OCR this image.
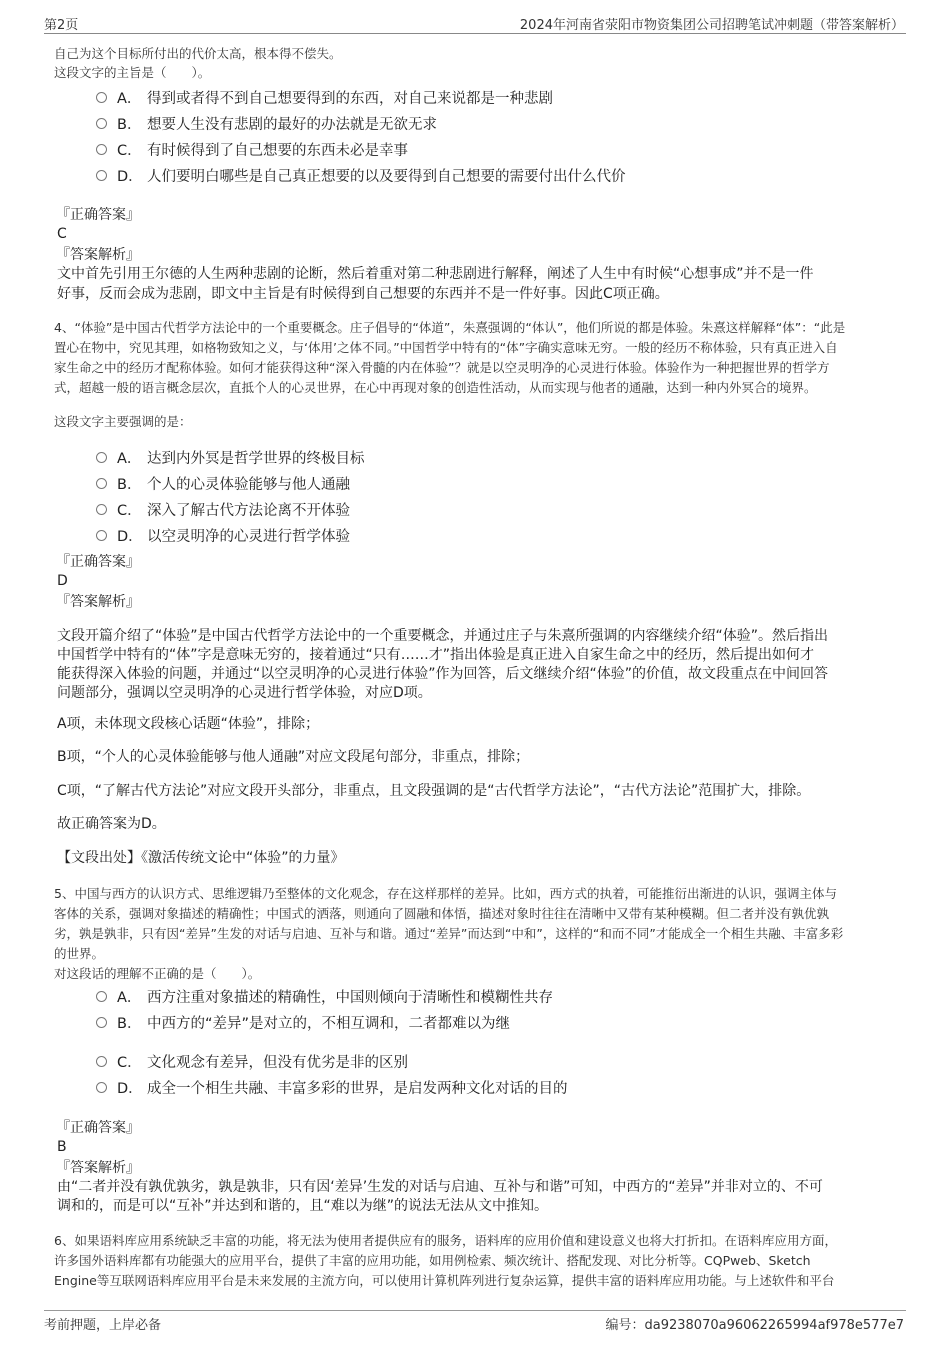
第2页	2024年河南省荥阳市物资集团公司招聘笔试冲刺题（带答案解析）
自己为这个目标所付出的代价太高，根本得不偿失。
这段文字的主旨是（　　）。
A． 得到或者得不到自己想要得到的东西，对自己来说都是一种悲剧
B． 想要人生没有悲剧的最好的办法就是无欲无求
C． 有时候得到了自己想要的东西未必是幸事
D． 人们要明白哪些是自己真正想要的以及要得到自己想要的需要付出什么代价
『正确答案』
C
『答案解析』
文中首先引用王尔德的人生两种悲剧的论断，然后着重对第二种悲剧进行解释，阐述了人生中有时候“心想事成”并不是一件
好事，反而会成为悲剧，即文中主旨是有时候得到自己想要的东西并不是一件好事。因此C项正确。
4、“体验”是中国古代哲学方法论中的一个重要概念。庄子倡导的“体道”，朱熹强调的“体认”，他们所说的都是体验。朱熹这样解释“体”：“此是
置心在物中，究见其理，如格物致知之义，与‘体用’之体不同。”中国哲学中特有的“体”字确实意味无穷。一般的经历不称体验，只有真正进入自
家生命之中的经历才配称体验。如何才能获得这种“深入骨髓的内在体验”？就是以空灵明净的心灵进行体验。体验作为一种把握世界的哲学方
式，超越一般的语言概念层次，直抵个人的心灵世界，在心中再现对象的创造性活动，从而实现与他者的通融，达到一种内外冥合的境界。
这段文字主要强调的是：
A． 达到内外冥是哲学世界的终极目标
B． 个人的心灵体验能够与他人通融
C． 深入了解古代方法论离不开体验
D． 以空灵明净的心灵进行哲学体验
『正确答案』
D
『答案解析』
文段开篇介绍了“体验”是中国古代哲学方法论中的一个重要概念，并通过庄子与朱熹所强调的内容继续介绍“体验”。然后指出
中国哲学中特有的“体”字是意味无穷的，接着通过“只有……才”指出体验是真正进入自家生命之中的经历，然后提出如何才
能获得深入体验的问题，并通过“以空灵明净的心灵进行体验”作为回答，后文继续介绍“体验”的价值，故文段重点在中间回答
问题部分，强调以空灵明净的心灵进行哲学体验，对应D项。
A项，未体现文段核心话题“体验”，排除；
B项，“个人的心灵体验能够与他人通融”对应文段尾句部分，非重点，排除；
C项，“了解古代方法论”对应文段开头部分，非重点，且文段强调的是“古代哲学方法论”，“古代方法论”范围扩大，排除。
故正确答案为D。
【文段出处】《激活传统文论中“体验”的力量》
5、中国与西方的认识方式、思维逻辑乃至整体的文化观念，存在这样那样的差异。比如，西方式的执着，可能推衍出渐进的认识，强调主体与
客体的关系，强调对象描述的精确性；中国式的洒落，则通向了圆融和体悟，描述对象时往往在清晰中又带有某种模糊。但二者并没有孰优孰
劣，孰是孰非，只有因“差异”生发的对话与启迪、互补与和谐。通过“差异”而达到“中和”，这样的“和而不同”才能成全一个相生共融、丰富多彩
的世界。
对这段话的理解不正确的是（　　）。
A． 西方注重对象描述的精确性，中国则倾向于清晰性和模糊性共存
B． 中西方的“差异”是对立的，不相互调和，二者都难以为继
C． 文化观念有差异，但没有优劣是非的区别
D． 成全一个相生共融、丰富多彩的世界，是启发两种文化对话的目的
『正确答案』
B
『答案解析』
由“二者并没有孰优孰劣，孰是孰非，只有因‘差异’生发的对话与启迪、互补与和谐”可知，中西方的“差异”并非对立的、不可
调和的，而是可以“互补”并达到和谐的，且“难以为继”的说法无法从文中推知。
6、如果语料库应用系统缺乏丰富的功能，将无法为使用者提供应有的服务，语料库的应用价值和建设意义也将大打折扣。在语料库应用方面，
许多国外语料库都有功能强大的应用平台，提供了丰富的应用功能，如用例检索、频次统计、搭配发现、对比分析等。CQPweb、Sketch
Engine等互联网语料库应用平台是未来发展的主流方向，可以使用计算机阵列进行复杂运算，提供丰富的语料库应用功能。与上述软件和平台
考前押题，上岸必备	编号：da9238070a96062265994af978e577e7
